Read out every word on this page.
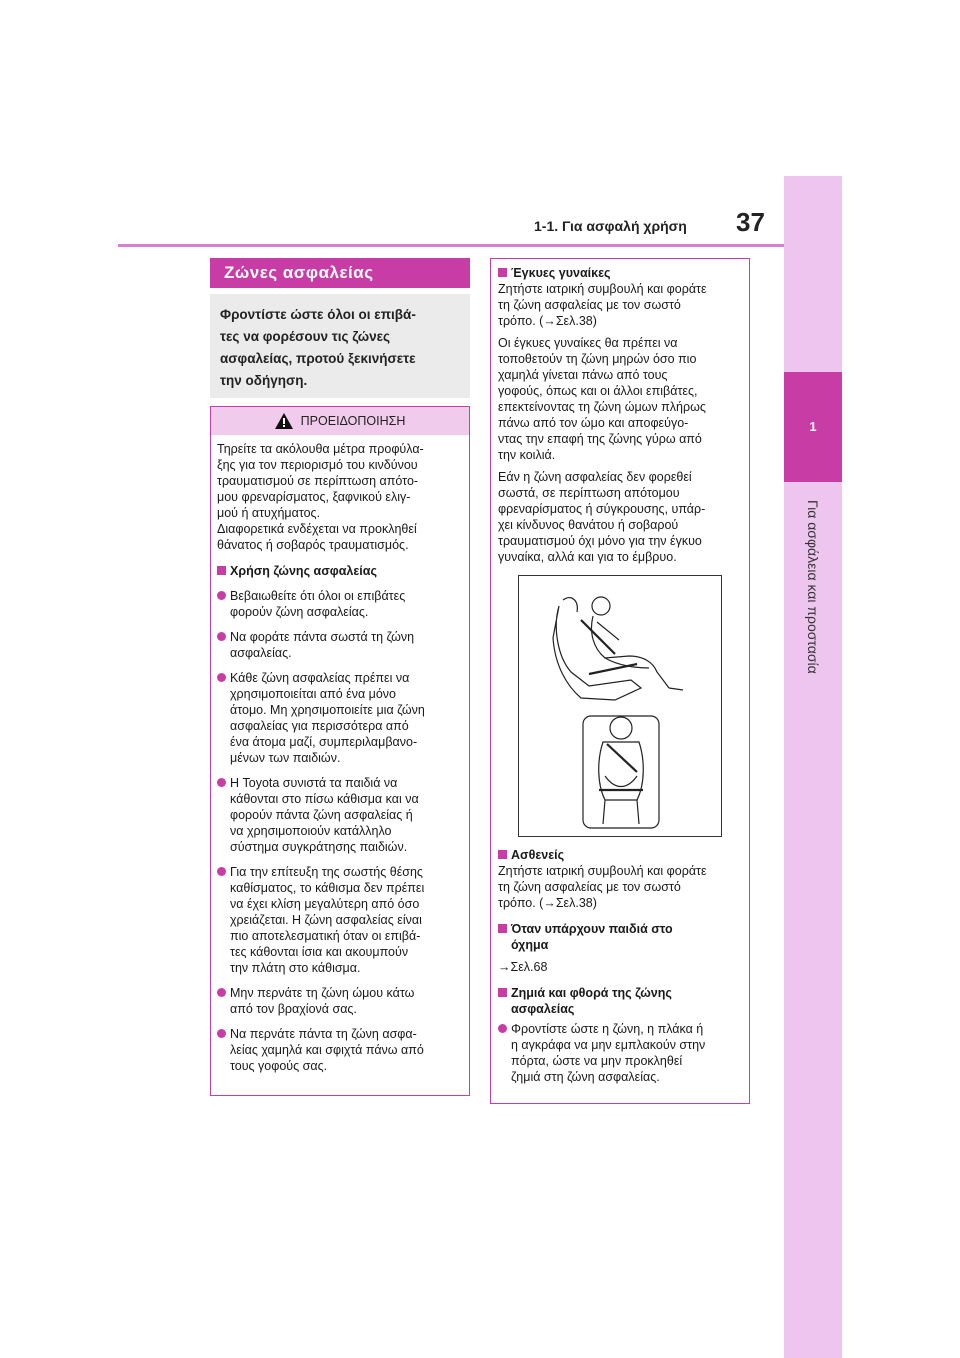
1
Για ασφάλεια και προστασία
1-1. Για ασφαλή χρήση 37
Ζώνες ασφαλείας
Φροντίστε ώστε όλοι οι επιβά-
τες να φορέσουν τις ζώνες
ασφαλείας, προτού ξεκινήσετε
την οδήγηση.
ΠΡΟΕΙΔΟΠΟΙΗΣΗ

Τηρείτε τα ακόλουθα μέτρα προφύλα-

ξης για τον περιορισμό του κινδύνου

τραυματισμού σε περίπτωση απότο-

μου φρεναρίσματος, ξαφνικού ελιγ-

μού ή ατυχήματος.

Διαφορετικά ενδέχεται να προκληθεί

θάνατος ή σοβαρός τραυματισμός.

Χρήση ζώνης ασφαλείας

Βεβαιωθείτε ότι όλοι οι επιβάτες

φορούν ζώνη ασφαλείας.

Να φοράτε πάντα σωστά τη ζώνη

ασφαλείας.

Κάθε ζώνη ασφαλείας πρέπει να

χρησιμοποιείται από ένα μόνο

άτομο. Μη χρησιμοποιείτε μια ζώνη

ασφαλείας για περισσότερα από

ένα άτομα μαζί, συμπεριλαμβανο-

μένων των παιδιών.

Η Toyota συνιστά τα παιδιά να

κάθονται στο πίσω κάθισμα και να

φορούν πάντα ζώνη ασφαλείας ή

να χρησιμοποιούν κατάλληλο

σύστημα συγκράτησης παιδιών.

Για την επίτευξη της σωστής θέσης

καθίσματος, το κάθισμα δεν πρέπει

να έχει κλίση μεγαλύτερη από όσο

χρειάζεται. Η ζώνη ασφαλείας είναι

πιο αποτελεσματική όταν οι επιβά-

τες κάθονται ίσια και ακουμπούν

την πλάτη στο κάθισμα.

Μην περνάτε τη ζώνη ώμου κάτω

από τον βραχίονά σας.

Να περνάτε πάντα τη ζώνη ασφα-

λείας χαμηλά και σφιχτά πάνω από

τους γοφούς σας.

Έγκυες γυναίκες

Ζητήστε ιατρική συμβουλή και φοράτε

τη ζώνη ασφαλείας με τον σωστό

τρόπο. (→Σελ.38)

Οι έγκυες γυναίκες θα πρέπει να

τοποθετούν τη ζώνη μηρών όσο πιο

χαμηλά γίνεται πάνω από τους

γοφούς, όπως και οι άλλοι επιβάτες,

επεκτείνοντας τη ζώνη ώμων πλήρως

πάνω από τον ώμο και αποφεύγο-

ντας την επαφή της ζώνης γύρω από

την κοιλιά.

Εάν η ζώνη ασφαλείας δεν φορεθεί

σωστά, σε περίπτωση απότομου

φρεναρίσματος ή σύγκρουσης, υπάρ-

χει κίνδυνος θανάτου ή σοβαρού

τραυματισμού όχι μόνο για την έγκυο

γυναίκα, αλλά και για το έμβρυο.

Ασθενείς

Ζητήστε ιατρική συμβουλή και φοράτε

τη ζώνη ασφαλείας με τον σωστό

τρόπο. (→Σελ.38)

Όταν υπάρχουν παιδιά στο

όχημα

→Σελ.68

Ζημιά και φθορά της ζώνης

ασφαλείας

Φροντίστε ώστε η ζώνη, η πλάκα ή

η αγκράφα να μην εμπλακούν στην

πόρτα, ώστε να μην προκληθεί

ζημιά στη ζώνη ασφαλείας.
